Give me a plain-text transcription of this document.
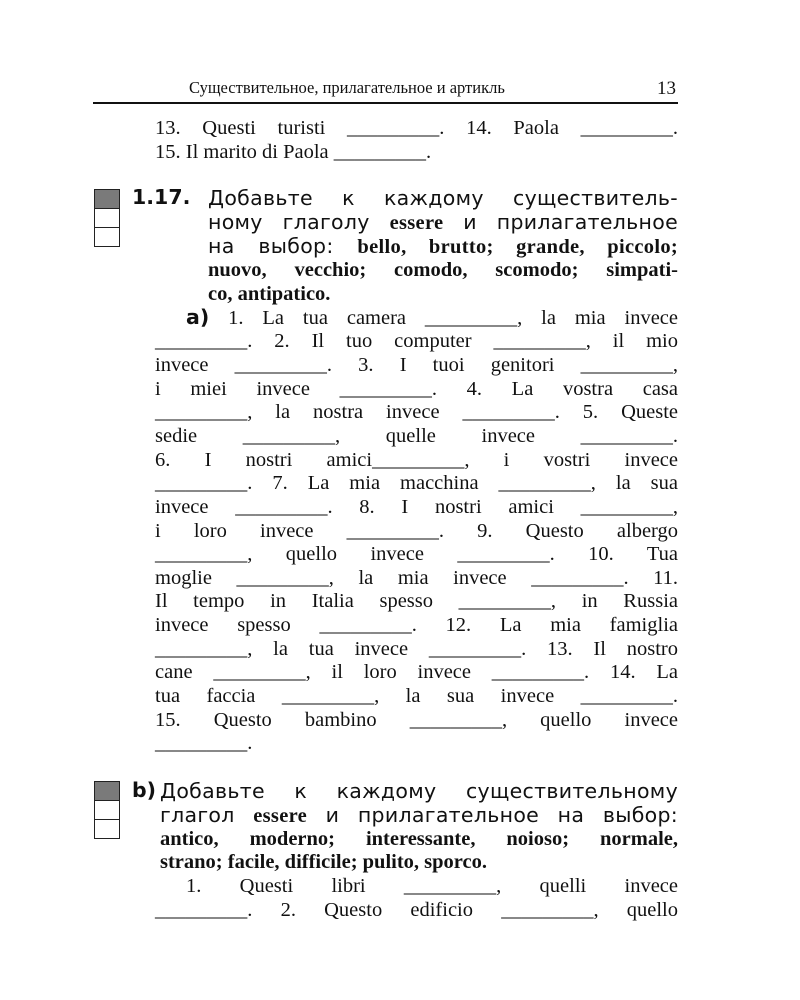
Существительное, прилагательное и артикль	13
13. Questi turisti _________. 14. Paola _________.
15. Il marito di Paola _________.
1.17. Добавьте к каждому существитель-
ному глаголу essere и прилагательное
на выбор: bello, brutto; grande, piccolo;
nuovo, vecchio; comodo, scomodo; simpati-
co, antipatico.
a) 1. La tua camera _________, la mia invece
_________. 2. Il tuo computer _________, il mio
invece _________. 3. I tuoi genitori _________,
i miei invece _________. 4. La vostra casa
_________, la nostra invece _________. 5. Queste
sedie _________, quelle invece _________.
6. I nostri amici_________, i vostri invece
_________. 7. La mia macchina _________, la sua
invece _________. 8. I nostri amici _________,
i loro invece _________. 9. Questo albergo
_________, quello invece _________. 10. Tua
moglie _________, la mia invece _________. 11.
Il tempo in Italia spesso _________, in Russia
invece spesso _________. 12. La mia famiglia
_________, la tua invece _________. 13. Il nostro
cane _________, il loro invece _________. 14. La
tua faccia _________, la sua invece _________.
15. Questo bambino _________, quello invece
_________.
b) Добавьте к каждому существительному
глагол essere и прилагательное на выбор:
antico, moderno; interessante, noioso; normale,
strano; facile, difficile; pulito, sporco.
1. Questi libri _________, quelli invece
_________. 2. Questo edificio _________, quello
